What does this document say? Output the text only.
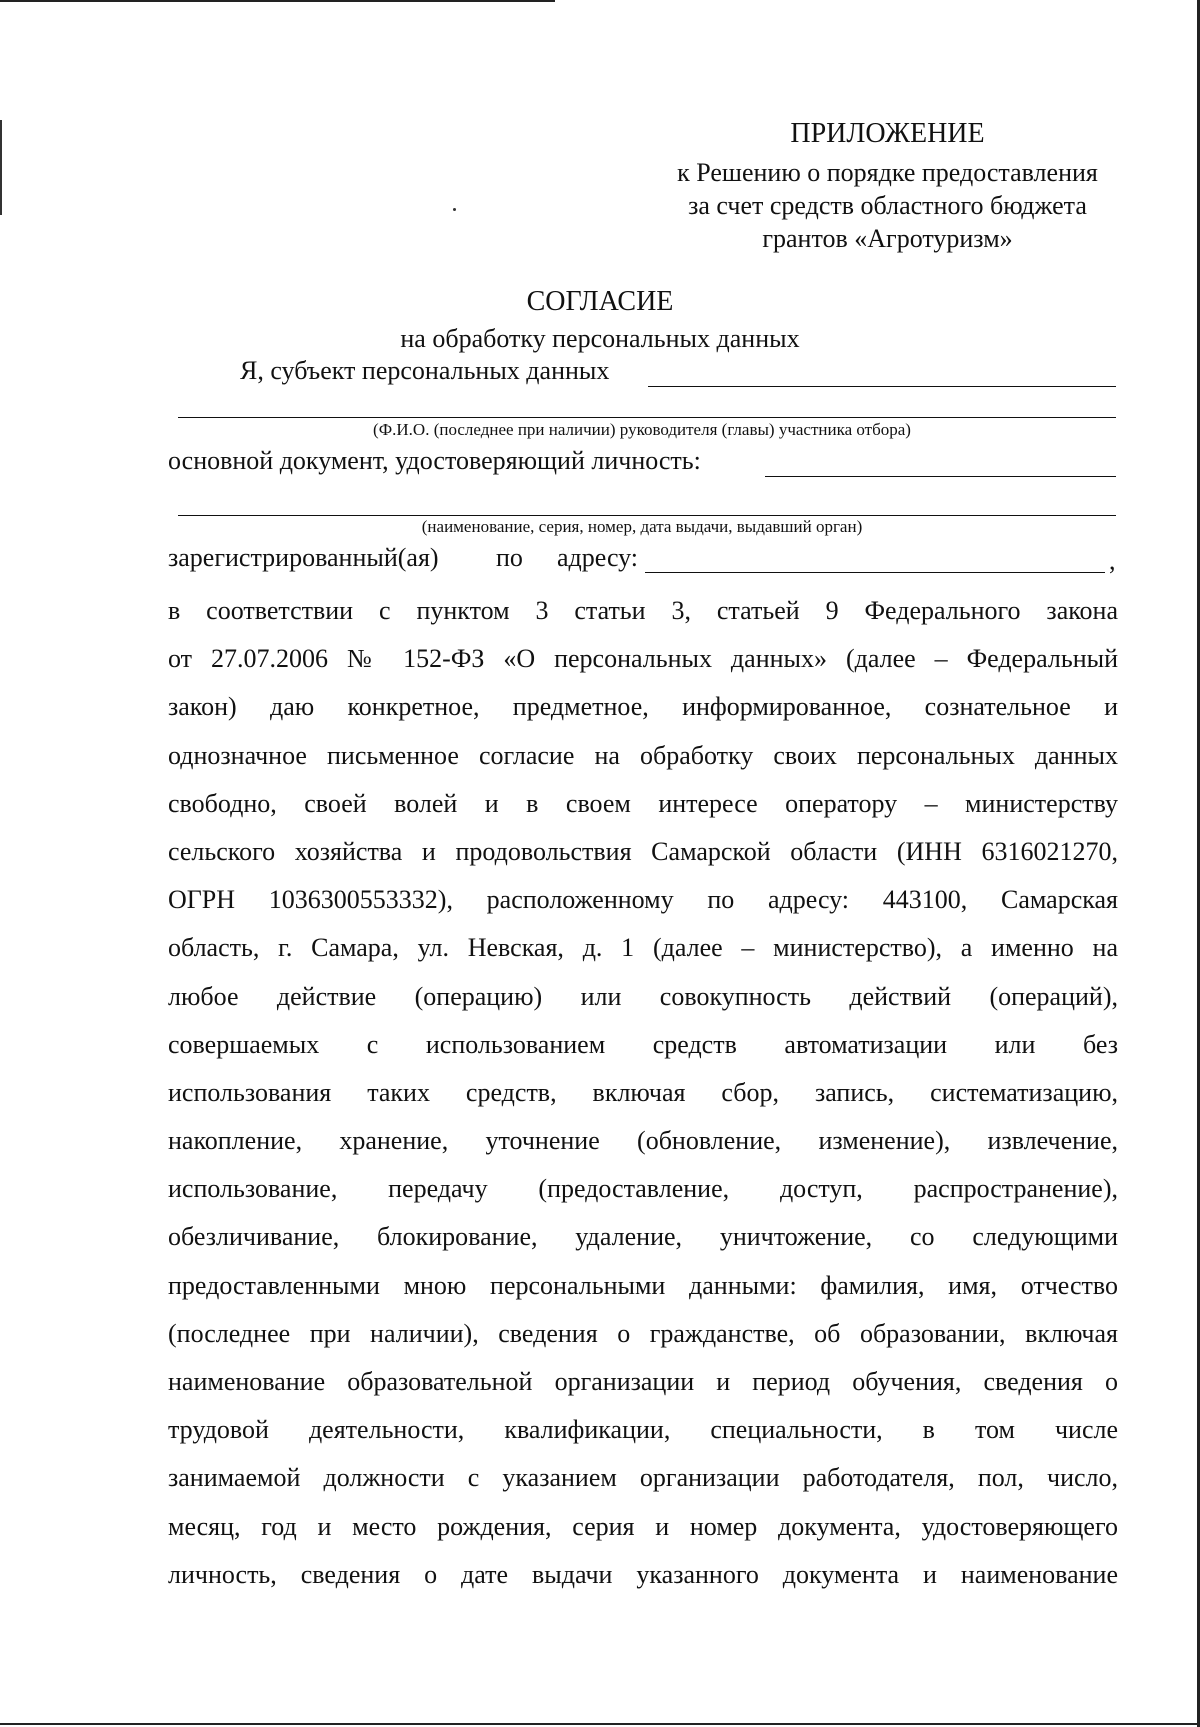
ПРИЛОЖЕНИЕ
к Решению о порядке предоставления
за счет средств областного бюджета
грантов «Агротуризм»
СОГЛАСИЕ
на обработку персональных данных
Я, субъект персональных данных
(Ф.И.О. (последнее при наличии) руководителя (главы) участника отбора)
основной документ, удостоверяющий личность:
(наименование, серия, номер, дата выдачи, выдавший орган)
зарегистрированный(ая) по адресу:	,
в соответствии с пунктом 3 статьи 3, статьей 9 Федерального закона
от 27.07.2006 № 152-ФЗ «О персональных данных» (далее – Федеральный
закон) даю конкретное, предметное, информированное, сознательное и
однозначное письменное согласие на обработку своих персональных данных
свободно, своей волей и в своем интересе оператору – министерству
сельского хозяйства и продовольствия Самарской области (ИНН 6316021270,
ОГРН 1036300553332), расположенному по адресу: 443100, Самарская
область, г. Самара, ул. Невская, д. 1 (далее – министерство), а именно на
любое действие (операцию) или совокупность действий (операций),
совершаемых с использованием средств автоматизации или без
использования таких средств, включая сбор, запись, систематизацию,
накопление, хранение, уточнение (обновление, изменение), извлечение,
использование, передачу (предоставление, доступ, распространение),
обезличивание, блокирование, удаление, уничтожение, со следующими
предоставленными мною персональными данными: фамилия, имя, отчество
(последнее при наличии), сведения о гражданстве, об образовании, включая
наименование образовательной организации и период обучения, сведения о
трудовой деятельности, квалификации, специальности, в том числе
занимаемой должности с указанием организации работодателя, пол, число,
месяц, год и место рождения, серия и номер документа, удостоверяющего
личность, сведения о дате выдачи указанного документа и наименование
